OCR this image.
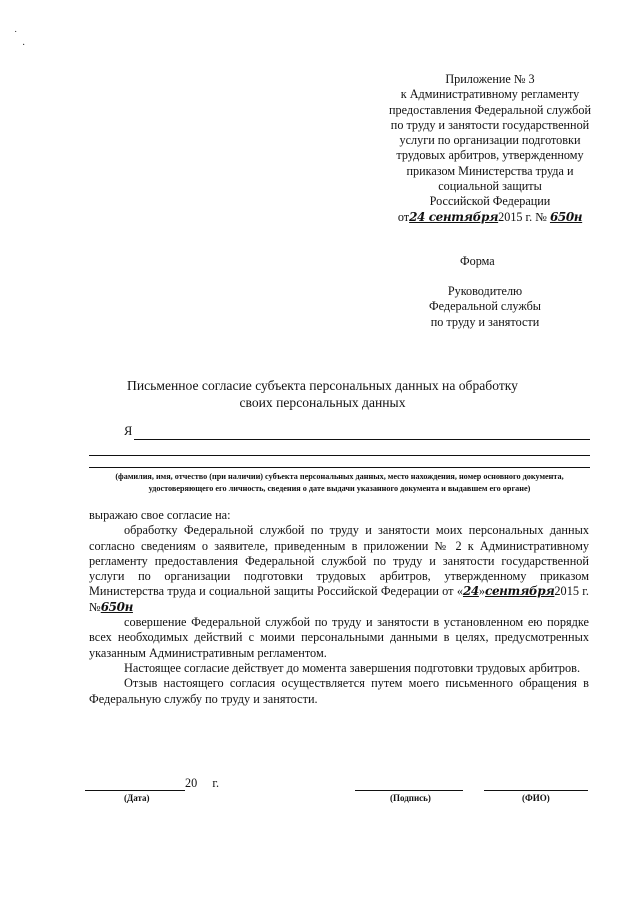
˙
·
Приложение № 3
к Административному регламенту
предоставления Федеральной службой
по труду и занятости государственной
услуги по организации подготовки
трудовых арбитров, утвержденному
приказом Министерства труда и
социальной защиты
Российской Федерации
от24 сентября2015 г. № 650н
Форма
Руководителю
Федеральной службы
по труду и занятости
Письменное согласие субъекта персональных данных на обработку
своих персональных данных
Я
(фамилия, имя, отчество (при наличии) субъекта персональных данных, место нахождения, номер основного документа,
удостоверяющего его личность, сведения о дате выдачи указанного документа и выдавшем его органе)

выражаю свое согласие на:

обработку Федеральной службой по труду и занятости моих персональных данных согласно сведениям о заявителе, приведенным в приложении № 2 к Административному регламенту предоставления Федеральной службой по труду и занятости государственной услуги по организации подготовки трудовых арбитров, утвержденному приказом Министерства труда и социальной защиты Российской Федерации от «24»сентября2015 г. №650н

совершение Федеральной службой по труду и занятости в установленном ею порядке всех необходимых действий с моими персональными данными в целях, предусмотренных указанным Административным регламентом.

Настоящее согласие действует до момента завершения подготовки трудовых арбитров.

Отзыв настоящего согласия осуществляется путем моего письменного обращения в Федеральную службу по труду и занятости.

20 г.
(Дата)	(Подпись)	(ФИО)
